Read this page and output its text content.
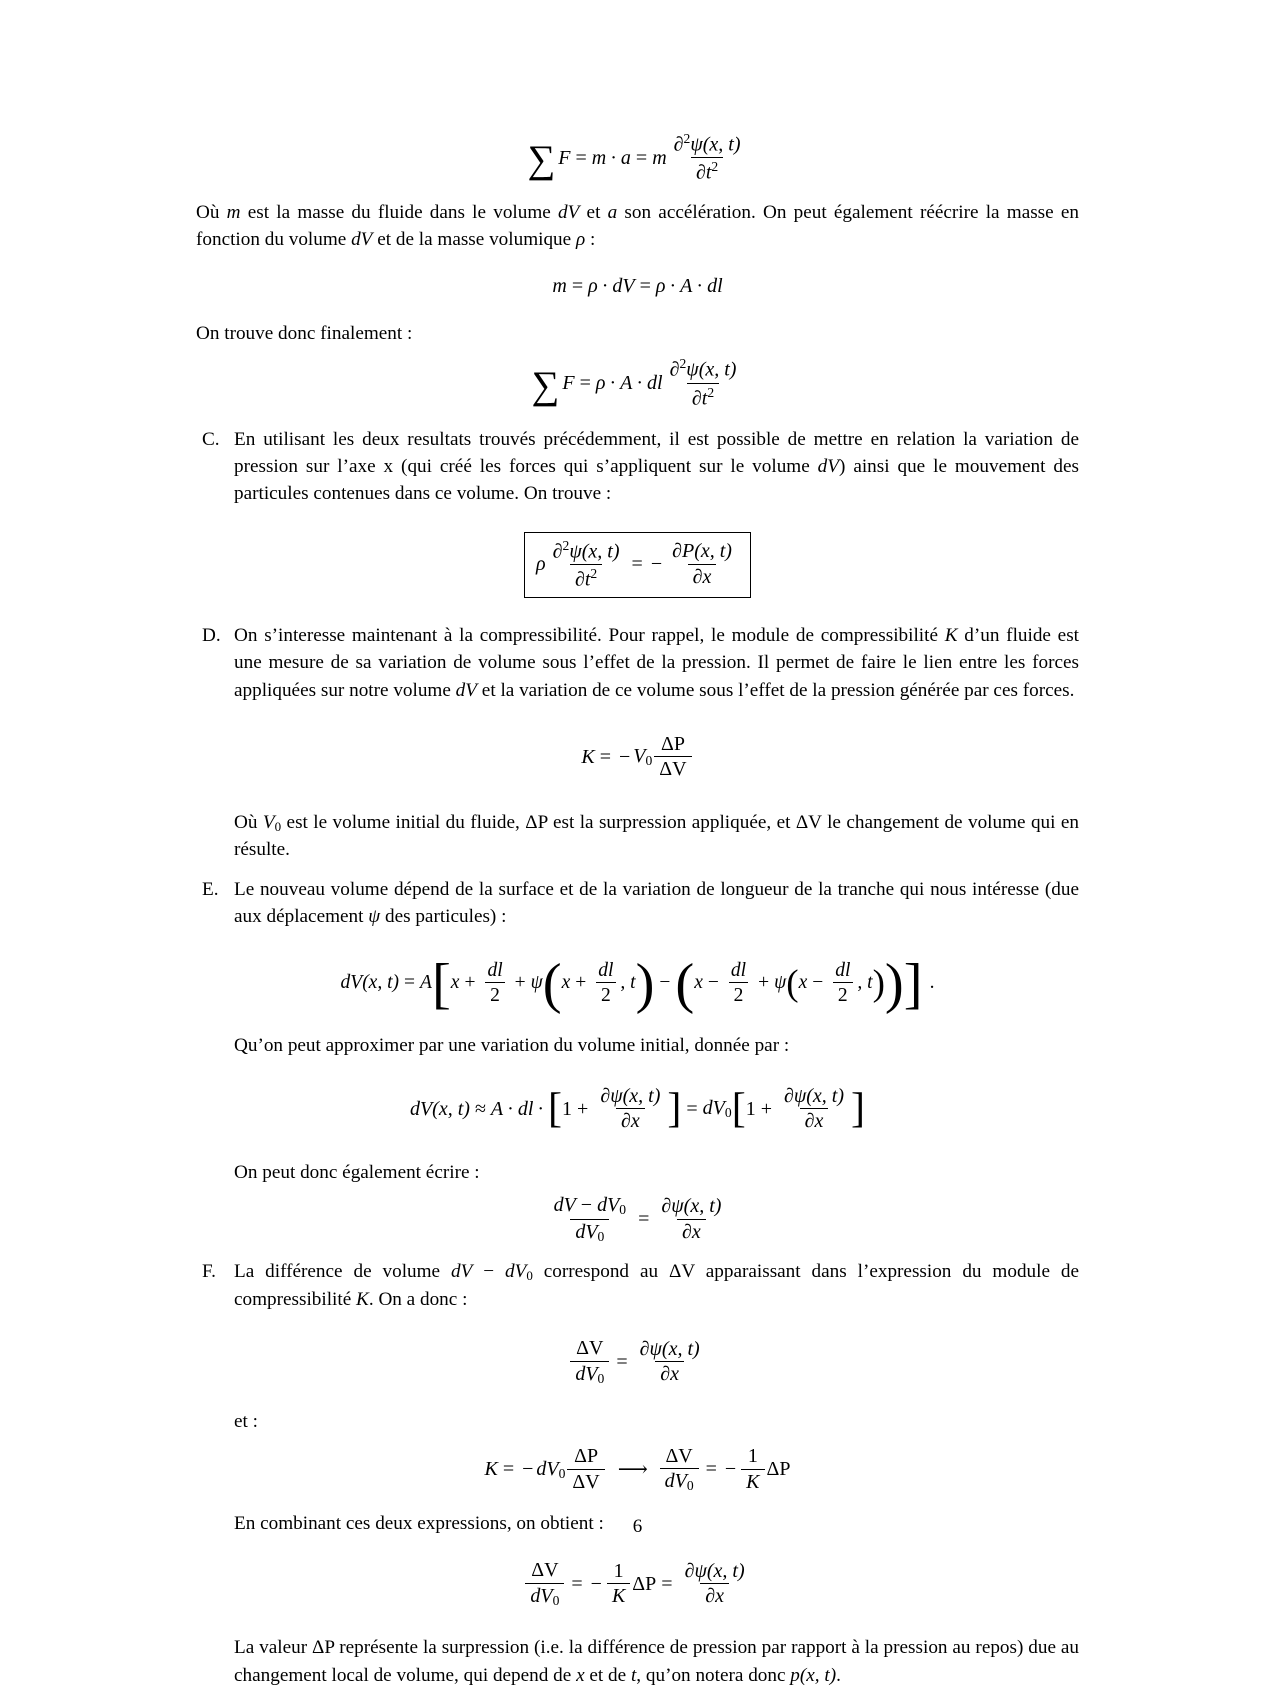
∑ F = m · a = m $\frac{\partial^2\psi(x, t)}{\partial t^2}$

Où m est la masse du fluide dans le volume dV et a son accélération. On peut également réécrire la masse en fonction du volume dV et de la masse volumique ρ :

m = ρ · dV = ρ · A · dl

On trouve donc finalement :

∑ F = ρ · A · dl $\frac{\partial^2\psi(x, t)}{\partial t^2}$
C. En utilisant les deux resultats trouvés précédemment, il est possible de mettre en relation la variation de pression sur l’axe x (qui créé les forces qui s’appliquent sur le volume dV) ainsi que le mouvement des particules contenues dans ce volume. On trouve :

ρ $\frac{\partial^2\psi(x, t)}{\partial t^2}$ = − $\frac{\partial P(x, t)}{\partial x}$
D. On s’interesse maintenant à la compressibilité. Pour rappel, le module de compressibilité K d’un fluide est une mesure de sa variation de volume sous l’effet de la pression. Il permet de faire le lien entre les forces appliquées sur notre volume dV et la variation de ce volume sous l’effet de la pression générée par ces forces.

K = − $V_0 \frac{\Delta P}{\Delta V}$

Où $V_0$ est le volume initial du fluide, ΔP est la surpression appliquée, et ΔV le changement de volume qui en résulte.

E. Le nouveau volume dépend de la surface et de la variation de longueur de la tranche qui nous intéresse (due aux déplacement ψ des particules) :

dV(x, t) = A [ $x + \frac{dl}{2} + \psi$ ( $x + \frac{dl}{2}$ , t ) − ( $x - \frac{dl}{2} + \psi$ ( $x - \frac{dl}{2}$ , t ) ) ] .

Qu’on peut approximer par une variation du volume initial, donnée par :

dV(x, t) ≈ A · dl · [ $1 + \frac{\partial\psi(x, t)}{\partial x}$ ] = $dV_0$ [ $1 + \frac{\partial\psi(x, t)}{\partial x}$ ]

On peut donc également écrire :

$\frac{dV - dV_0}{dV_0} = \frac{\partial\psi(x, t)}{\partial x}$
F. La différence de volume dV − $dV_0$ correspond au ΔV apparaissant dans l’expression du module de compressibilité K. On a donc :

$\frac{\Delta V}{dV_0} = \frac{\partial\psi(x, t)}{\partial x}$

et :

K = − $dV_0 \frac{\Delta P}{\Delta V}$ ⟶ $\frac{\Delta V}{dV_0}$ = − $\frac{1}{K}$ ΔP

En combinant ces deux expressions, on obtient :

$\frac{\Delta V}{dV_0}$ = − $\frac{1}{K}$ $\Delta P = \frac{\partial\psi(x, t)}{\partial x}$

La valeur ΔP représente la surpression (i.e. la différence de pression par rapport à la pression au repos) due au changement local de volume, qui depend de x et de t, qu’on notera donc p(x, t).

6
